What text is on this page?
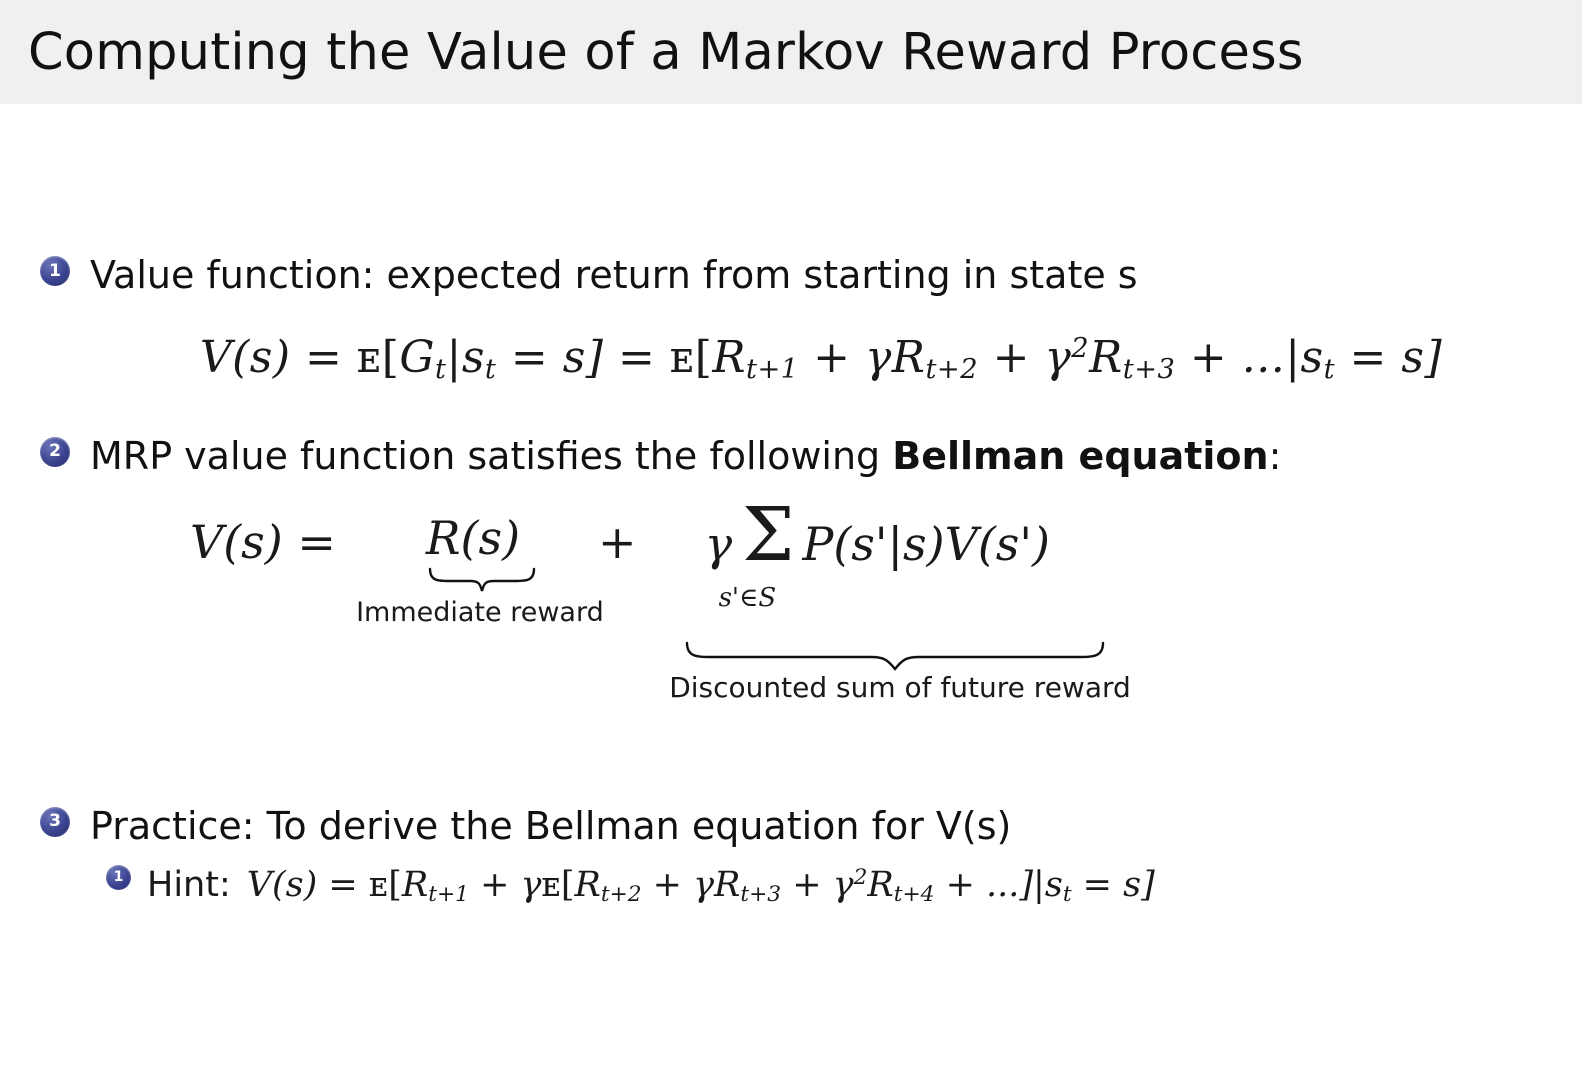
Computing the Value of a Markov Reward Process
1 Value function: expected return from starting in state s
$V(s) = ᴇ[G_t|s_t = s]$ = $ᴇ[R_{t+1} + \gamma R_{t+2} + \gamma^2R_{t+3} + ...|s_t = s]$
2 MRP value function satisfies the following Bellman equation:
V(s) = R(s)
Immediate reward
+ γ Σ
s'∈S
P(s'|s)V(s')
Discounted sum of future reward
3 Practice: To derive the Bellman equation for V(s)
1 Hint: $V(s) = ᴇ[R_{t+1}$ + $\gamma ᴇ[R_{t+2} + \gamma R_{t+3} + \gamma^2R_{t+4} + ...]|s_t = s$]
